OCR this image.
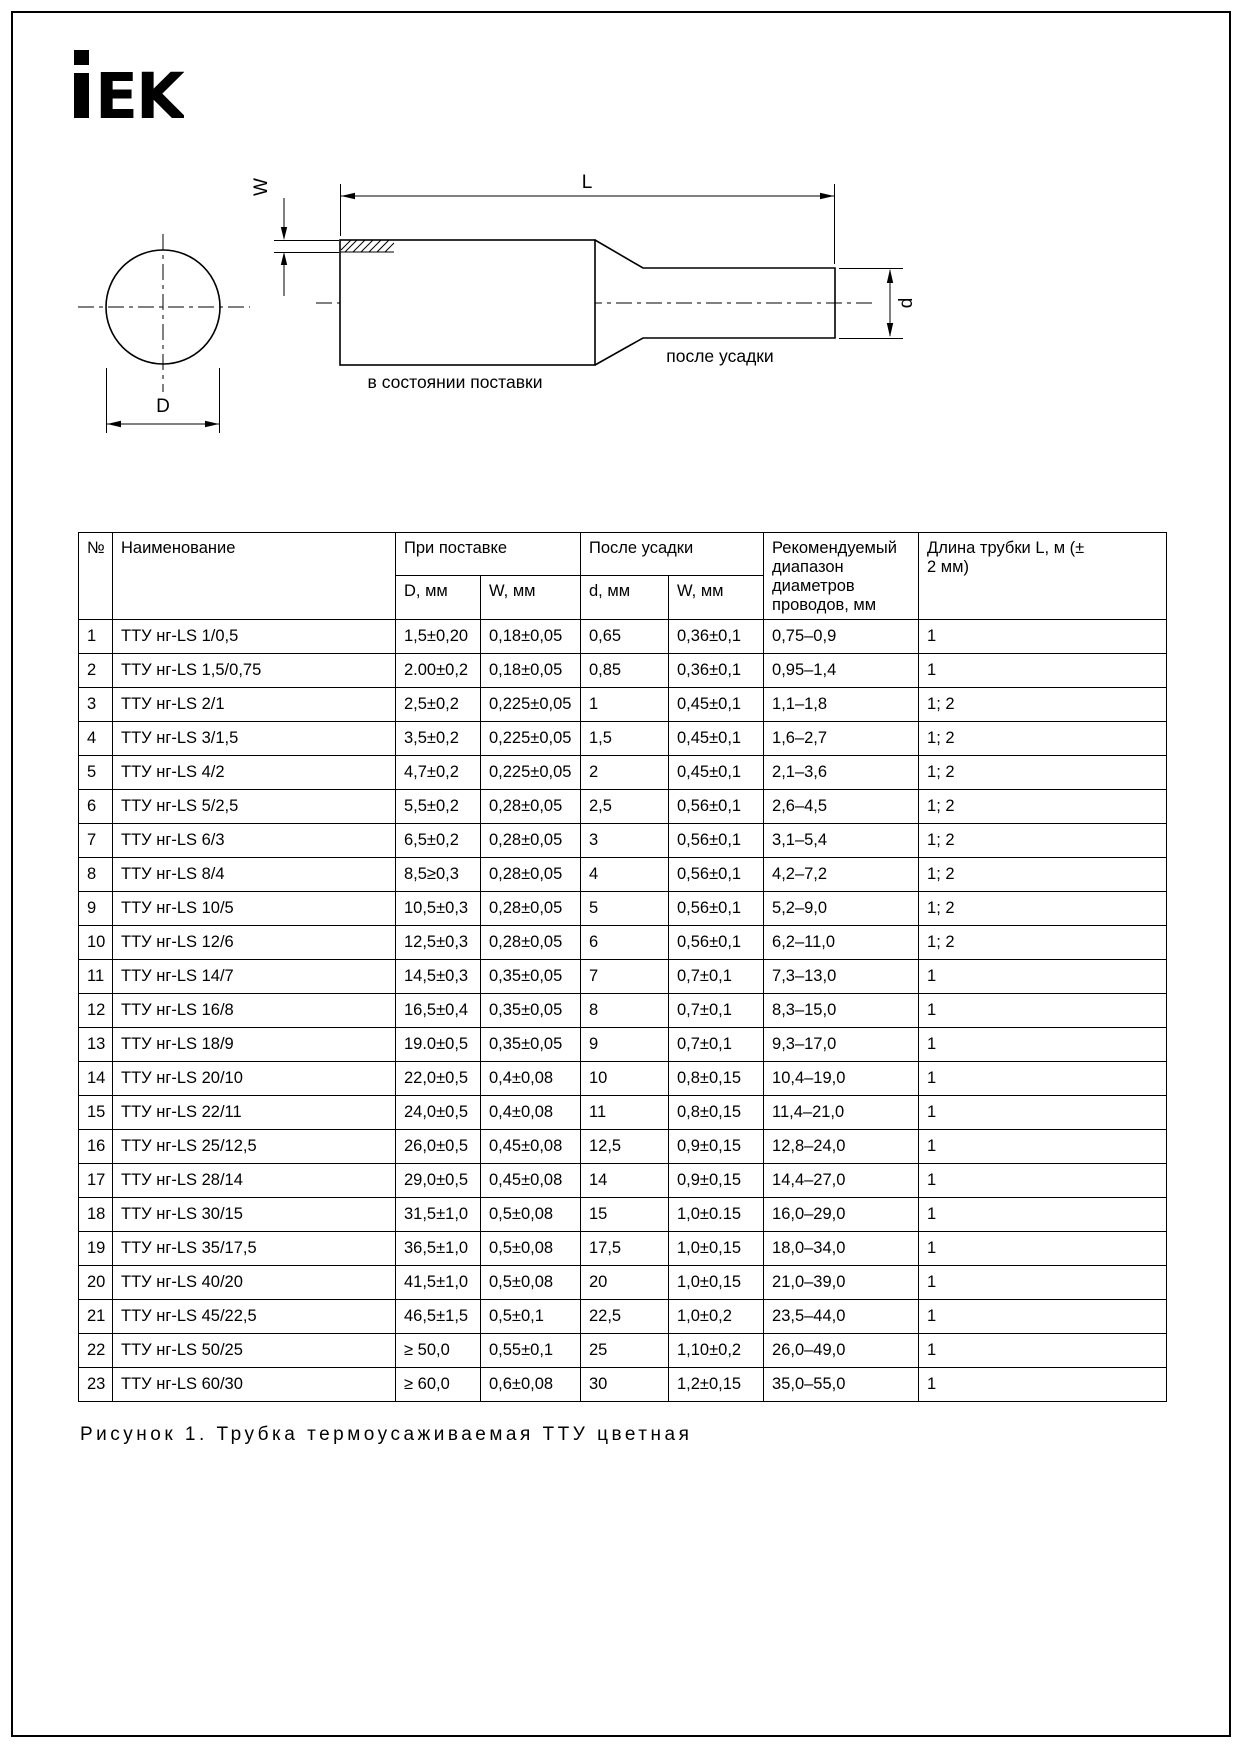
EK
D
L
W
d
в состоянии поставки
после усадки
№	Наименование	При поставке		После усадки		Рекомендуемый диапазон диаметров проводов, мм	Длина трубки L, м (± 2 мм)
		D, мм	W, мм	d, мм	W, мм		
1	ТТУ нг-LS 1/0,5	1,5±0,20	0,18±0,05	0,65	0,36±0,1	0,75–0,9	1
2	ТТУ нг-LS 1,5/0,75	2.00±0,2	0,18±0,05	0,85	0,36±0,1	0,95–1,4	1
3	ТТУ нг-LS 2/1	2,5±0,2	0,225±0,05	1	0,45±0,1	1,1–1,8	1; 2
4	ТТУ нг-LS 3/1,5	3,5±0,2	0,225±0,05	1,5	0,45±0,1	1,6–2,7	1; 2
5	ТТУ нг-LS 4/2	4,7±0,2	0,225±0,05	2	0,45±0,1	2,1–3,6	1; 2
6	ТТУ нг-LS 5/2,5	5,5±0,2	0,28±0,05	2,5	0,56±0,1	2,6–4,5	1; 2
7	ТТУ нг-LS 6/3	6,5±0,2	0,28±0,05	3	0,56±0,1	3,1–5,4	1; 2
8	ТТУ нг-LS 8/4	8,5≥0,3	0,28±0,05	4	0,56±0,1	4,2–7,2	1; 2
9	ТТУ нг-LS 10/5	10,5±0,3	0,28±0,05	5	0,56±0,1	5,2–9,0	1; 2
10	ТТУ нг-LS 12/6	12,5±0,3	0,28±0,05	6	0,56±0,1	6,2–11,0	1; 2
11	ТТУ нг-LS 14/7	14,5±0,3	0,35±0,05	7	0,7±0,1	7,3–13,0	1
12	ТТУ нг-LS 16/8	16,5±0,4	0,35±0,05	8	0,7±0,1	8,3–15,0	1
13	ТТУ нг-LS 18/9	19.0±0,5	0,35±0,05	9	0,7±0,1	9,3–17,0	1
14	ТТУ нг-LS 20/10	22,0±0,5	0,4±0,08	10	0,8±0,15	10,4–19,0	1
15	ТТУ нг-LS 22/11	24,0±0,5	0,4±0,08	11	0,8±0,15	11,4–21,0	1
16	ТТУ нг-LS 25/12,5	26,0±0,5	0,45±0,08	12,5	0,9±0,15	12,8–24,0	1
17	ТТУ нг-LS 28/14	29,0±0,5	0,45±0,08	14	0,9±0,15	14,4–27,0	1
18	ТТУ нг-LS 30/15	31,5±1,0	0,5±0,08	15	1,0±0.15	16,0–29,0	1
19	ТТУ нг-LS 35/17,5	36,5±1,0	0,5±0,08	17,5	1,0±0,15	18,0–34,0	1
20	ТТУ нг-LS 40/20	41,5±1,0	0,5±0,08	20	1,0±0,15	21,0–39,0	1
21	ТТУ нг-LS 45/22,5	46,5±1,5	0,5±0,1	22,5	1,0±0,2	23,5–44,0	1
22	ТТУ нг-LS 50/25	≥ 50,0	0,55±0,1	25	1,10±0,2	26,0–49,0	1
23	ТТУ нг-LS 60/30	≥ 60,0	0,6±0,08	30	1,2±0,15	35,0–55,0	1
Рисунок 1. Трубка термоусаживаемая ТТУ цветная
